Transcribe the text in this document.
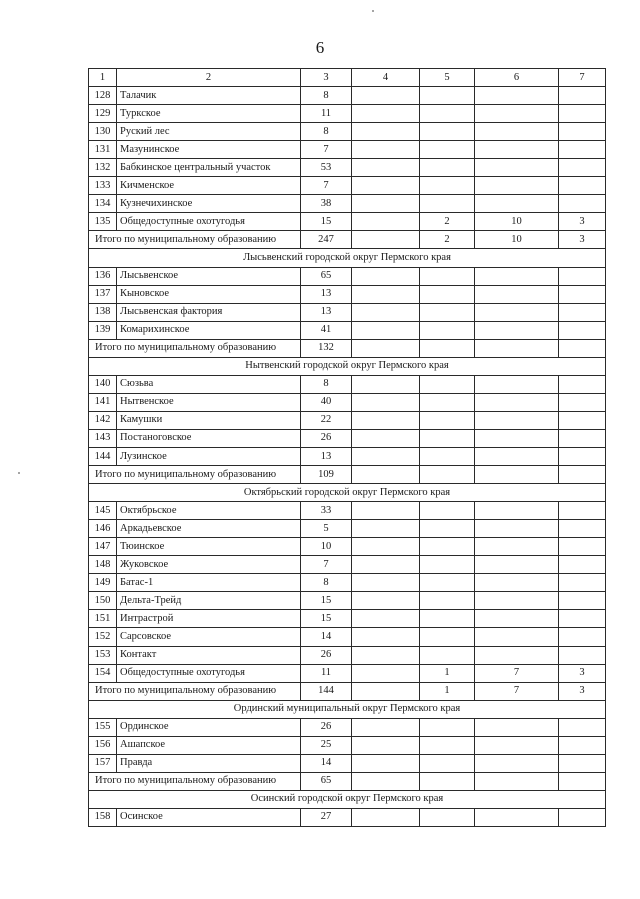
6
1	2	3	4	5	6	7
128	Талачик	8				
129	Туркское	11				
130	Руский лес	8				
131	Мазунинское	7				
132	Бабкинское центральный участок	53				
133	Кичменское	7				
134	Кузнечихинское	38				
135	Общедоступные охотугодья	15		2	10	3
Итого по муниципальному образованию		247		2	10	3
Лысьвенский городской округ Пермского края						
136	Лысьвенское	65				
137	Кыновское	13				
138	Лысьвенская фактория	13				
139	Комарихинское	41				
Итого по муниципальному образованию		132				
Нытвенский городской округ Пермского края						
140	Сюзьва	8				
141	Нытвенское	40				
142	Камушки	22				
143	Постаноговское	26				
144	Лузинское	13				
Итого по муниципальному образованию		109				
Октябрьский городской округ Пермского края						
145	Октябрьское	33				
146	Аркадьевское	5				
147	Тюинское	10				
148	Жуковское	7				
149	Батас-1	8				
150	Дельта-Трейд	15				
151	Интрастрой	15				
152	Сарсовское	14				
153	Контакт	26				
154	Общедоступные охотугодья	11		1	7	3
Итого по муниципальному образованию		144		1	7	3
Ординский муниципальный округ Пермского края						
155	Ординское	26				
156	Ашапское	25				
157	Правда	14				
Итого по муниципальному образованию		65				
Осинский городской округ Пермского края						
158	Осинское	27				
